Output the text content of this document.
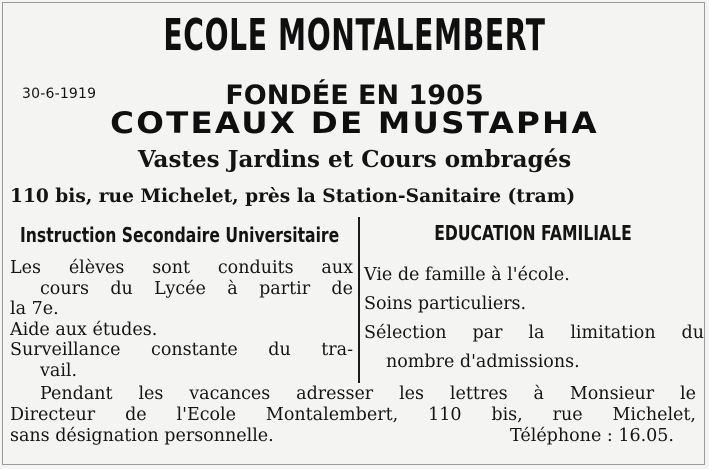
30-6-1919
ECOLE MONTALEMBERT
FONDÉE EN 1905
COTEAUX DE MUSTAPHA
Vastes Jardins et Cours ombragés
110 bis, rue Michelet, près la Station-Sanitaire (tram)
Instruction Secondaire Universitaire	EDUCATION FAMILIALE
Les élèves sont conduits aux
cours du Lycée à partir de
la 7e.
Aide aux études.
Surveillance constante du tra-
vail.
Vie de famille à l'école.
Soins particuliers.
Sélection par la limitation du
nombre d'admissions.
Pendant les vacances adresser les lettres à Monsieur le
Directeur de l'Ecole Montalembert, 110 bis, rue Michelet,
sans désignation personnelle.	Téléphone : 16.05.
